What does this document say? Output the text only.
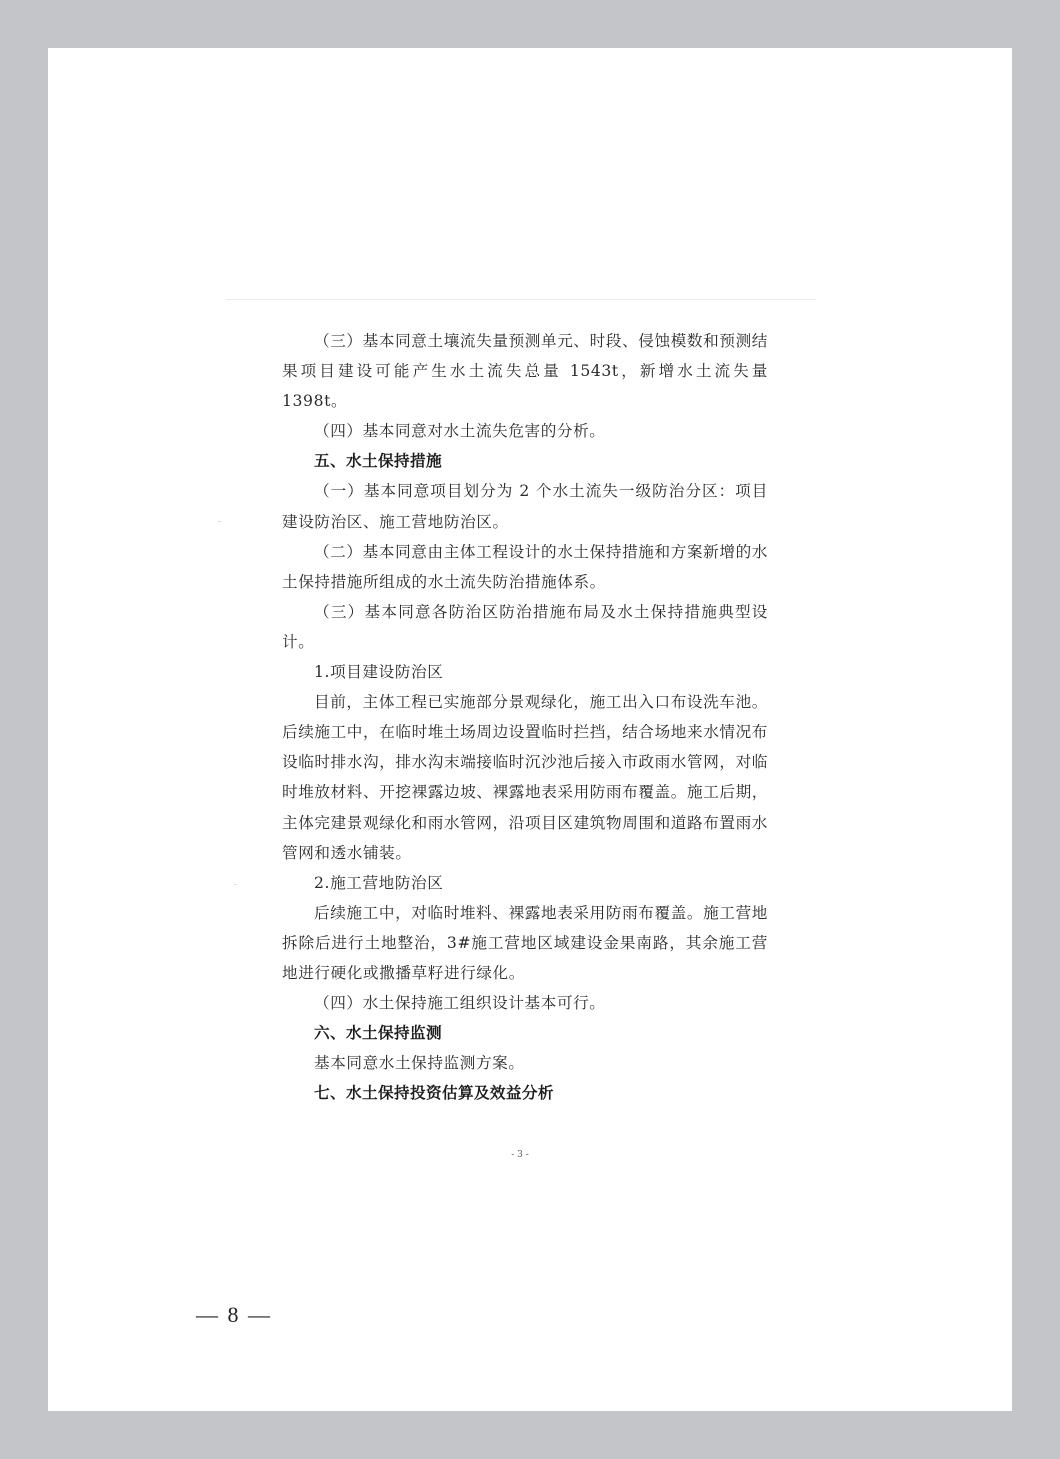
（三）基本同意土壤流失量预测单元、时段、侵蚀模数和预测结果项目建设可能产生水土流失总量 1543t，新增水土流失量 1398t。

（四）基本同意对水土流失危害的分析。

五、水土保持措施

（一）基本同意项目划分为 2 个水土流失一级防治分区：项目建设防治区、施工营地防治区。

（二）基本同意由主体工程设计的水土保持措施和方案新增的水土保持措施所组成的水土流失防治措施体系。

（三）基本同意各防治区防治措施布局及水土保持措施典型设计。

1.项目建设防治区

目前，主体工程已实施部分景观绿化，施工出入口布设洗车池。后续施工中，在临时堆土场周边设置临时拦挡，结合场地来水情况布设临时排水沟，排水沟末端接临时沉沙池后接入市政雨水管网，对临时堆放材料、开挖裸露边坡、裸露地表采用防雨布覆盖。施工后期，主体完建景观绿化和雨水管网，沿项目区建筑物周围和道路布置雨水管网和透水铺装。

2.施工营地防治区

后续施工中，对临时堆料、裸露地表采用防雨布覆盖。施工营地拆除后进行土地整治，3#施工营地区域建设金果南路，其余施工营地进行硬化或撒播草籽进行绿化。

（四）水土保持施工组织设计基本可行。

六、水土保持监测

基本同意水土保持监测方案。

七、水土保持投资估算及效益分析

- 3 -
— 8 —
